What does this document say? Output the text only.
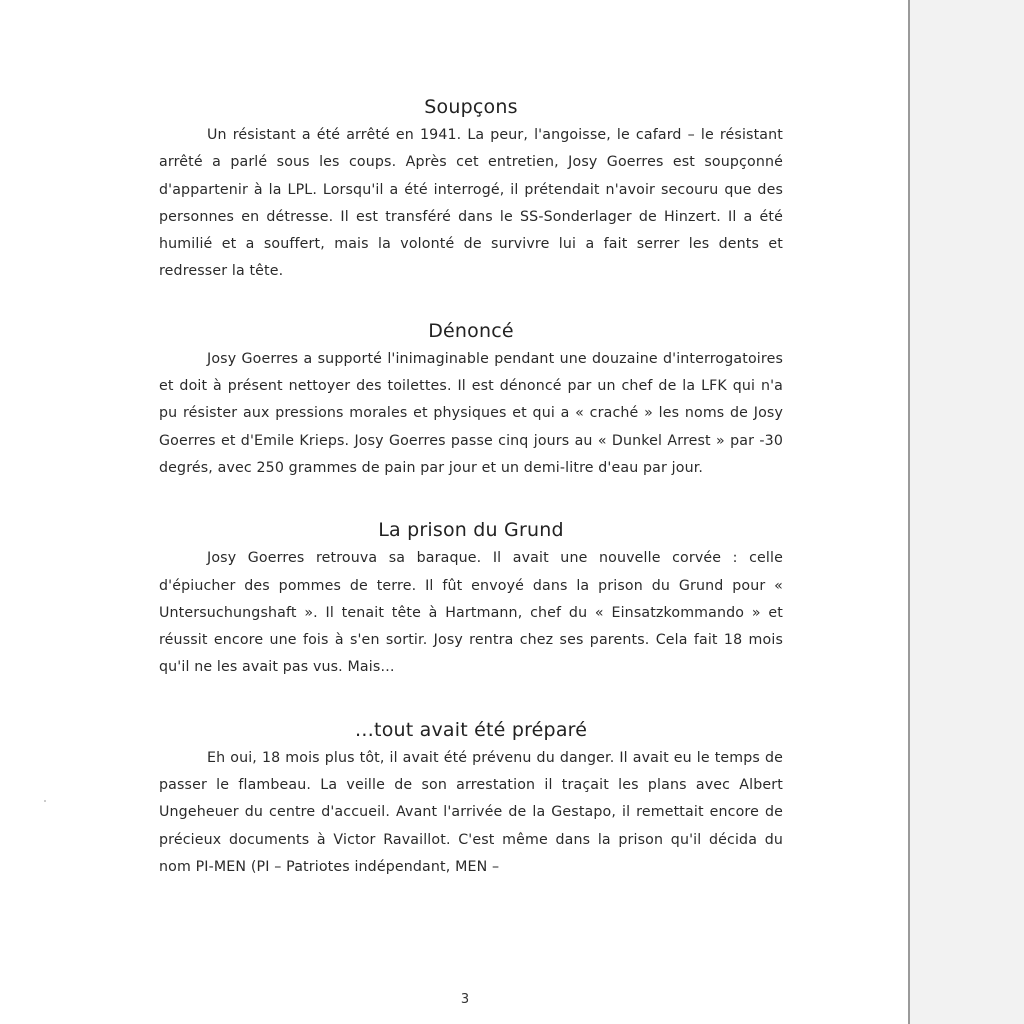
Soupçons

Un résistant a été arrêté en 1941. La peur, l'angoisse, le cafard – le résistant arrêté a parlé sous les coups. Après cet entretien, Josy Goerres est soupçonné d'appartenir à la LPL. Lorsqu'il a été interrogé, il prétendait n'avoir secouru que des personnes en détresse. Il est transféré dans le SS-Sonderlager de Hinzert. Il a été humilié et a souffert, mais la volonté de survivre lui a fait serrer les dents et redresser la tête.

Dénoncé

Josy Goerres a supporté l'inimaginable pendant une douzaine d'interrogatoires et doit à présent nettoyer des toilettes. Il est dénoncé par un chef de la LFK qui n'a pu résister aux pressions morales et physiques et qui a « craché » les noms de Josy Goerres et d'Emile Krieps. Josy Goerres passe cinq jours au « Dunkel Arrest » par -30 degrés, avec 250 grammes de pain par jour et un demi-litre d'eau par jour.

La prison du Grund

Josy Goerres retrouva sa baraque. Il avait une nouvelle corvée : celle d'épiucher des pommes de terre. Il fût envoyé dans la prison du Grund pour « Untersuchungshaft ». Il tenait tête à Hartmann, chef du « Einsatzkommando » et réussit encore une fois à s'en sortir. Josy rentra chez ses parents. Cela fait 18 mois qu'il ne les avait pas vus. Mais…

…tout avait été préparé

Eh oui, 18 mois plus tôt, il avait été prévenu du danger. Il avait eu le temps de passer le flambeau. La veille de son arrestation il traçait les plans avec Albert Ungeheuer du centre d'accueil. Avant l'arrivée de la Gestapo, il remettait encore de précieux documents à Victor Ravaillot. C'est même dans la prison qu'il décida du nom PI-MEN (PI – Patriotes indépendant, MEN –

3
